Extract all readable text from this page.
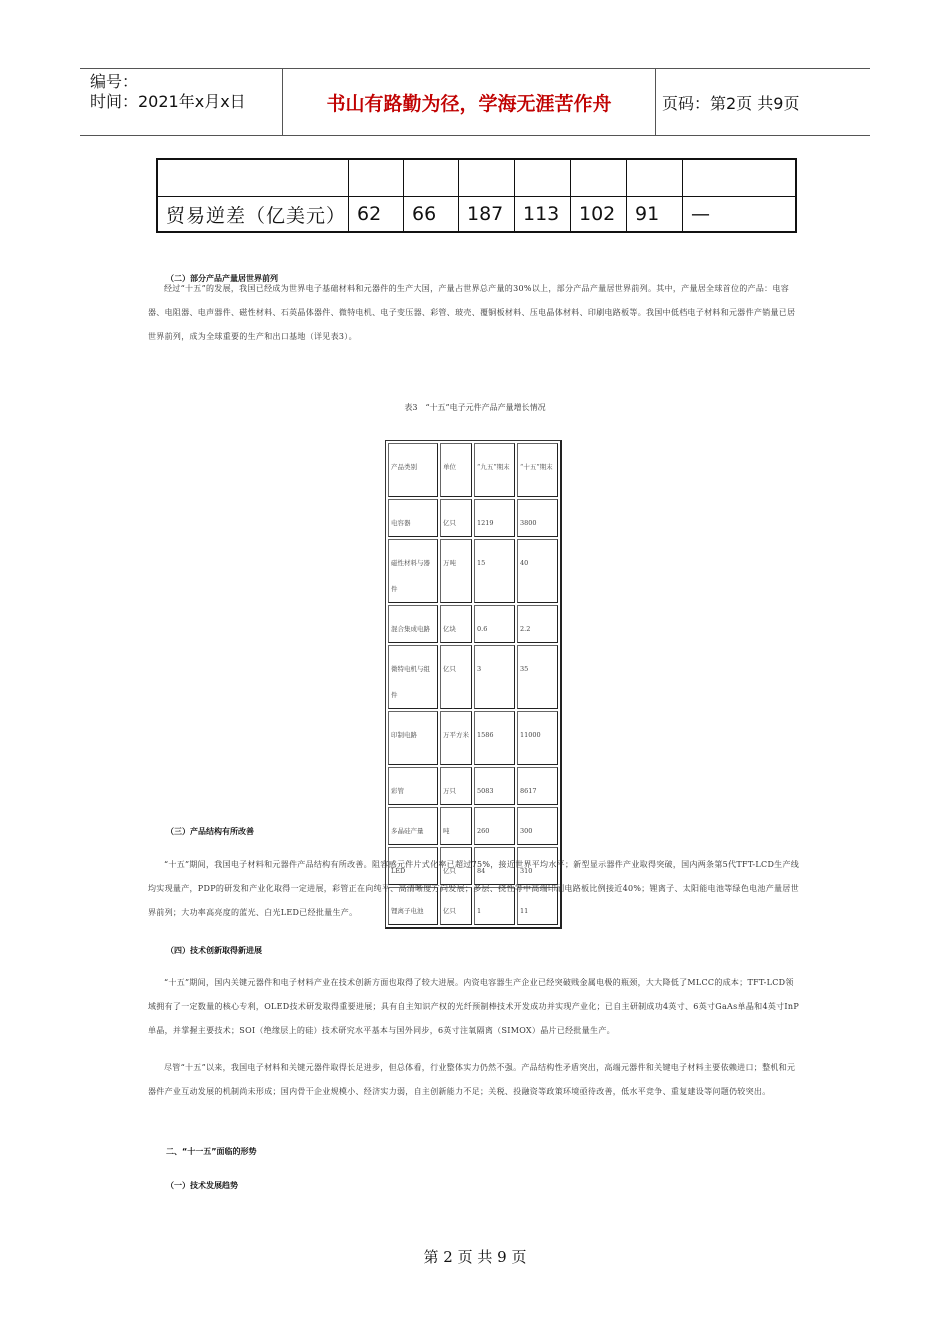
编号：
时间：2021年x月x日	书山有路勤为径，学海无涯苦作舟	页码：第2页 共9页

贸易逆差（亿美元）	62	66	187	113	102	91	—
（二）部分产品产量居世界前列
经过“十五”的发展，我国已经成为世界电子基础材料和元器件的生产大国，产量占世界总产量的30%以上，部分产品产量居世界前列。其中，产量居全球首位的产品：电容器、电阻器、电声器件、磁性材料、石英晶体器件、微特电机、电子变压器、彩管、玻壳、覆铜板材料、压电晶体材料、印刷电路板等。我国中低档电子材料和元器件产销量已居世界前列，成为全球重要的生产和出口基地（详见表3）。
表3　“十五”电子元件产品产量增长情况
产品类别	单位	“九五”期末	“十五”期末
电容器	亿只	1219	3800
磁性材料与器件	万吨	15	40
混合集成电路	亿块	0.6	2.2
微特电机与组件	亿只	3	35
印制电路	万平方米	1586	11000
彩管	万只	5083	8617
多晶硅产量	吨	260	300
LED	亿只	84	310
锂离子电池	亿只	1	11
（三）产品结构有所改善
“十五”期间，我国电子材料和元器件产品结构有所改善。阻容感元件片式化率已超过75%，接近世界平均水平；新型显示器件产业取得突破，国内两条第5代TFT-LCD生产线均实现量产，PDP的研发和产业化取得一定进展，彩管正在向纯平、高清晰度方向发展；多层、挠性等中高端印刷电路板比例接近40%；锂离子、太阳能电池等绿色电池产量居世界前列；大功率高亮度的蓝光、白光LED已经批量生产。
（四）技术创新取得新进展
“十五”期间，国内关键元器件和电子材料产业在技术创新方面也取得了较大进展。内资电容器生产企业已经突破贱金属电极的瓶颈，大大降低了MLCC的成本；TFT-LCD领域拥有了一定数量的核心专利，OLED技术研发取得重要进展；具有自主知识产权的光纤预制棒技术开发成功并实现产业化；已自主研制成功4英寸、6英寸GaAs单晶和4英寸InP单晶，并掌握主要技术；SOI（绝缘层上的硅）技术研究水平基本与国外同步，6英寸注氧隔离（SIMOX）晶片已经批量生产。
尽管“十五”以来，我国电子材料和关键元器件取得长足进步，但总体看，行业整体实力仍然不强。产品结构性矛盾突出，高端元器件和关键电子材料主要依赖进口；整机和元器件产业互动发展的机制尚未形成；国内骨干企业规模小、经济实力弱，自主创新能力不足；关税、投融资等政策环境亟待改善，低水平竞争、重复建设等问题仍较突出。
二、“十一五”面临的形势
（一）技术发展趋势
第 2 页 共 9 页
